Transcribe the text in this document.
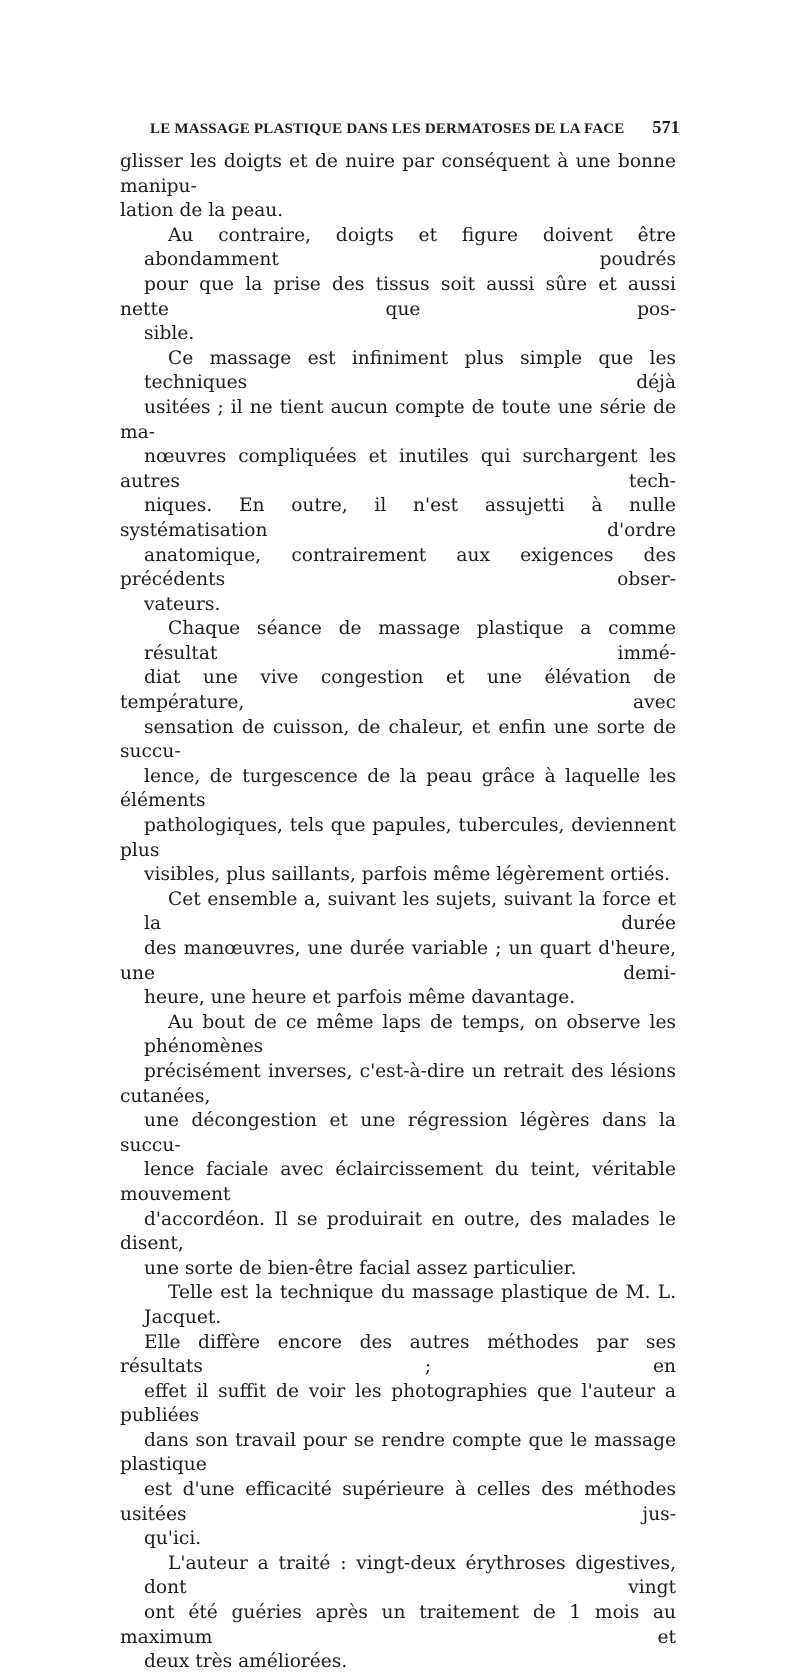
LE MASSAGE PLASTIQUE DANS LES DERMATOSES DE LA FACE 571

glisser les doigts et de nuire par conséquent à une bonne manipu-
lation de la peau.

Au contraire, doigts et figure doivent être abondamment poudrés
pour que la prise des tissus soit aussi sûre et aussi nette que pos-
sible.

Ce massage est infiniment plus simple que les techniques déjà
usitées ; il ne tient aucun compte de toute une série de ma-
nœuvres compliquées et inutiles qui surchargent les autres tech-
niques. En outre, il n'est assujetti à nulle systématisation d'ordre
anatomique, contrairement aux exigences des précédents obser-
vateurs.

Chaque séance de massage plastique a comme résultat immé-
diat une vive congestion et une élévation de température, avec
sensation de cuisson, de chaleur, et enfin une sorte de succu-
lence, de turgescence de la peau grâce à laquelle les éléments
pathologiques, tels que papules, tubercules, deviennent plus
visibles, plus saillants, parfois même légèrement ortiés.

Cet ensemble a, suivant les sujets, suivant la force et la durée
des manœuvres, une durée variable ; un quart d'heure, une demi-
heure, une heure et parfois même davantage.

Au bout de ce même laps de temps, on observe les phénomènes
précisément inverses, c'est-à-dire un retrait des lésions cutanées,
une décongestion et une régression légères dans la succu-
lence faciale avec éclaircissement du teint, véritable mouvement
d'accordéon. Il se produirait en outre, des malades le disent,
une sorte de bien-être facial assez particulier.

Telle est la technique du massage plastique de M. L. Jacquet.
Elle diffère encore des autres méthodes par ses résultats ; en
effet il suffit de voir les photographies que l'auteur a publiées
dans son travail pour se rendre compte que le massage plastique
est d'une efficacité supérieure à celles des méthodes usitées jus-
qu'ici.

L'auteur a traité : vingt-deux érythroses digestives, dont vingt
ont été guéries après un traitement de 1 mois au maximum et
deux très améliorées.
